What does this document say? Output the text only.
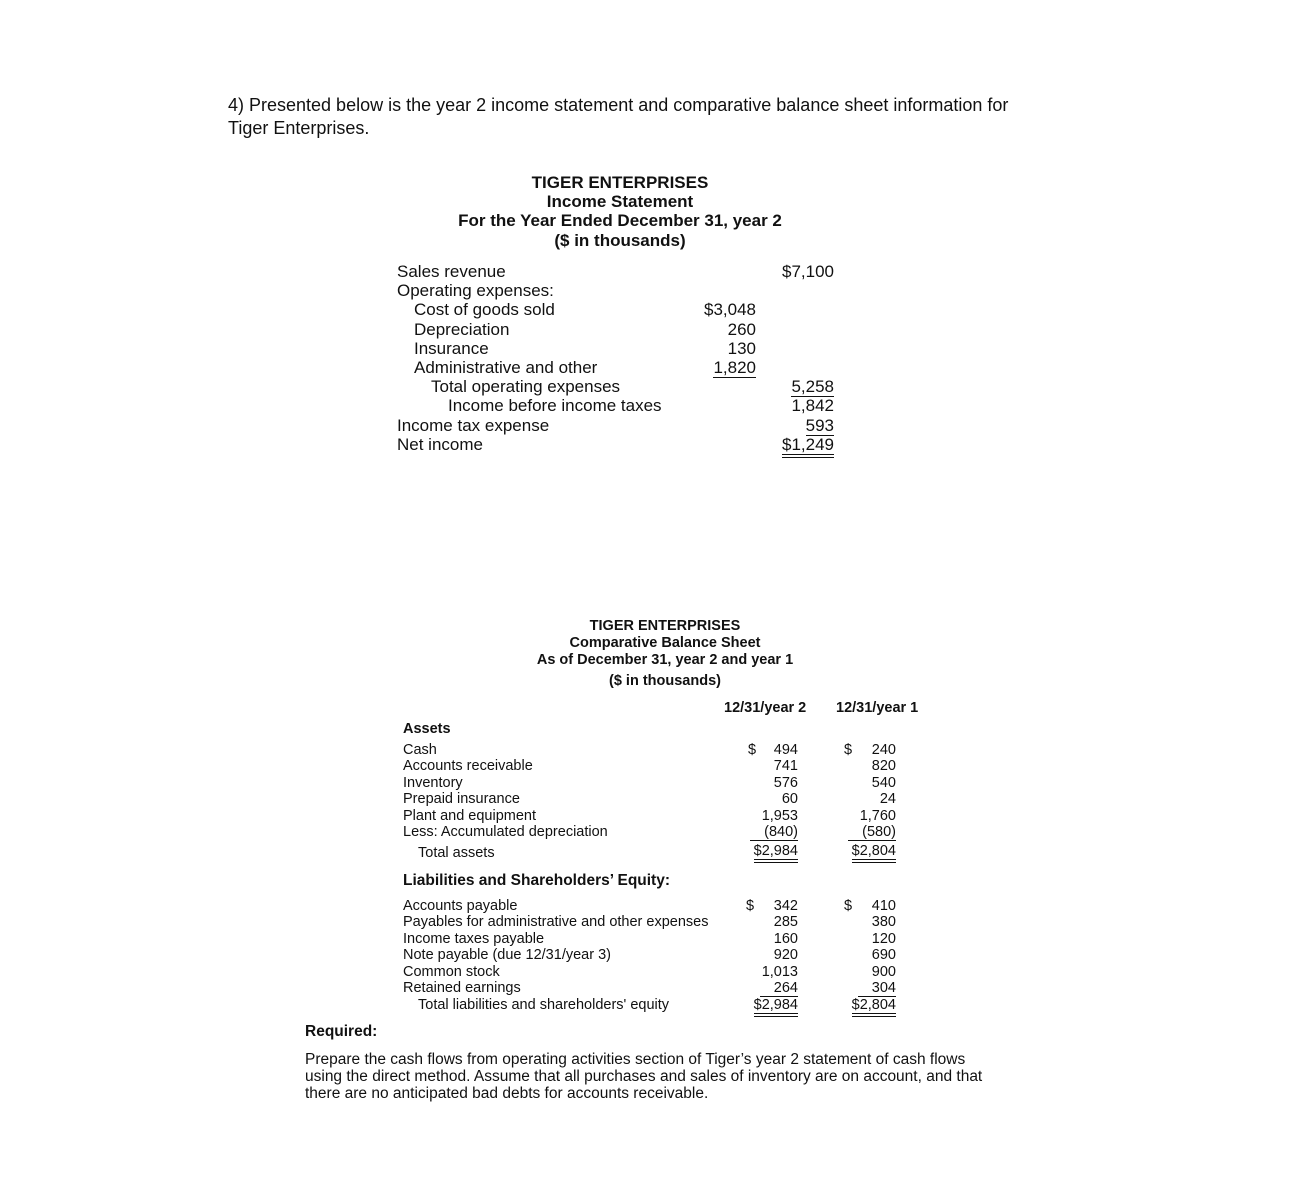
4) Presented below is the year 2 income statement and comparative balance sheet information for Tiger Enterprises.
TIGER ENTERPRISES
Income Statement
For the Year Ended December 31, year 2
($ in thousands)
Sales revenue	$7,100
Operating expenses:
Cost of goods sold	$3,048
Depreciation	260
Insurance	130
Administrative and other	1,820
Total operating expenses	5,258
Income before income taxes	1,842
Income tax expense	593
Net income	$1,249
TIGER ENTERPRISES
Comparative Balance Sheet
As of December 31, year 2 and year 1
($ in thousands)
12/31/year 2 12/31/year 1
Assets
Cash	$ 494	$ 240
Accounts receivable	741	820
Inventory	576	540
Prepaid insurance	60	24
Plant and equipment	1,953	1,760
Less: Accumulated depreciation	(840)	(580)
Total assets	$2,984	$2,804
Liabilities and Shareholders’ Equity:
Accounts payable	$ 342	$ 410
Payables for administrative and other expenses	285	380
Income taxes payable	160	120
Note payable (due 12/31/year 3)	920	690
Common stock	1,013	900
Retained earnings	264	304
Total liabilities and shareholders' equity	$2,984	$2,804
Required:
Prepare the cash flows from operating activities section of Tiger’s year 2 statement of cash flows using the direct method. Assume that all purchases and sales of inventory are on account, and that there are no anticipated bad debts for accounts receivable.
